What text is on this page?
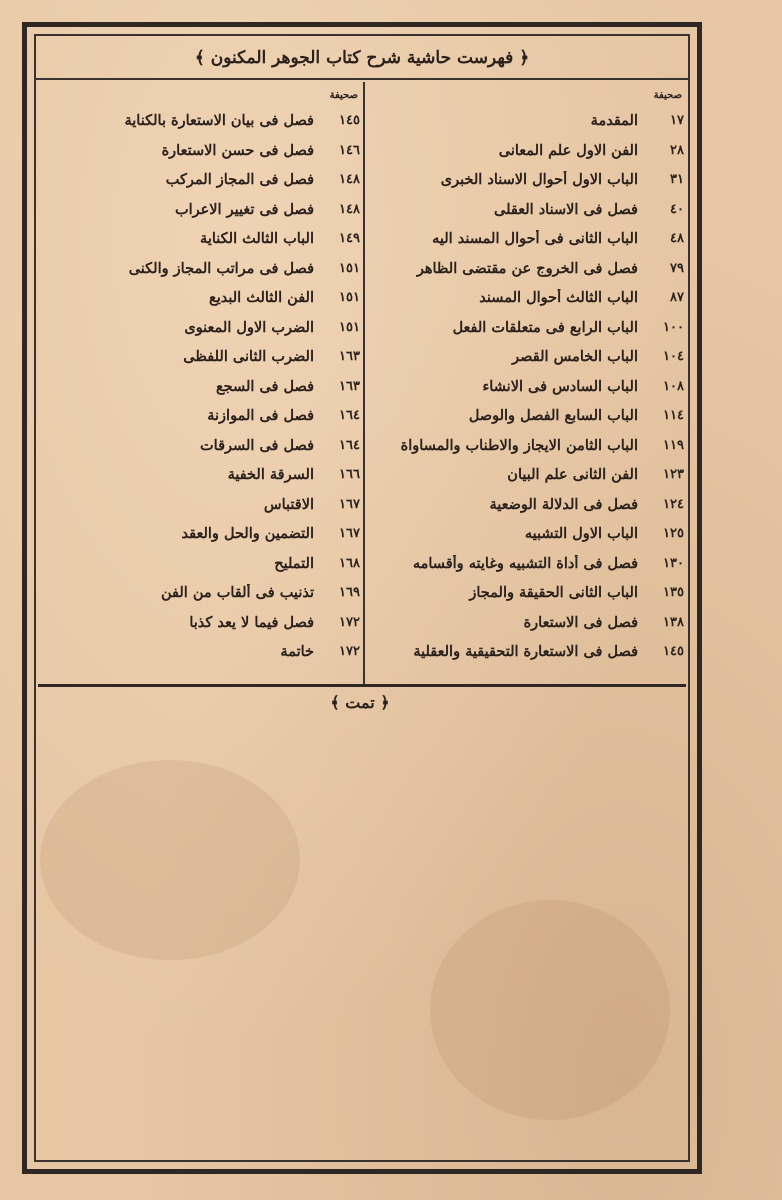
﴿ فهرست حاشية شرح كتاب الجوهر المكنون ﴾
صحيفة
١٧
المقدمة
٢٨
الفن الاول علم المعانى
٣١
الباب الاول أحوال الاسناد الخبرى
٤٠
فصل فى الاسناد العقلى
٤٨
الباب الثانى فى أحوال المسند اليه
٧٩
فصل فى الخروج عن مقتضى الظاهر
٨٧
الباب الثالث أحوال المسند
١٠٠
الباب الرابع فى متعلقات الفعل
١٠٤
الباب الخامس القصر
١٠٨
الباب السادس فى الانشاء
١١٤
الباب السابع الفصل والوصل
١١٩
الباب الثامن الايجاز والاطناب والمساواة
١٢٣
الفن الثانى علم البيان
١٢٤
فصل فى الدلالة الوضعية
١٢٥
الباب الاول التشبيه
١٣٠
فصل فى أداة التشبيه وغايته وأقسامه
١٣٥
الباب الثانى الحقيقة والمجاز
١٣٨
فصل فى الاستعارة
١٤٥
فصل فى الاستعارة التحقيقية والعقلية
صحيفة
١٤٥
فصل فى بيان الاستعارة بالكناية
١٤٦
فصل فى حسن الاستعارة
١٤٨
فصل فى المجاز المركب
١٤٨
فصل فى تغيير الاعراب
١٤٩
الباب الثالث الكناية
١٥١
فصل فى مراتب المجاز والكنى
١٥١
الفن الثالث البديع
١٥١
الضرب الاول المعنوى
١٦٣
الضرب الثانى اللفظى
١٦٣
فصل فى السجع
١٦٤
فصل فى الموازنة
١٦٤
فصل فى السرقات
١٦٦
السرقة الخفية
١٦٧
الاقتباس
١٦٧
التضمين والحل والعقد
١٦٨
التمليح
١٦٩
تذنيب فى ألقاب من الفن
١٧٢
فصل فيما لا يعد كذبا
١٧٢
خاتمة
﴿ تمت ﴾
